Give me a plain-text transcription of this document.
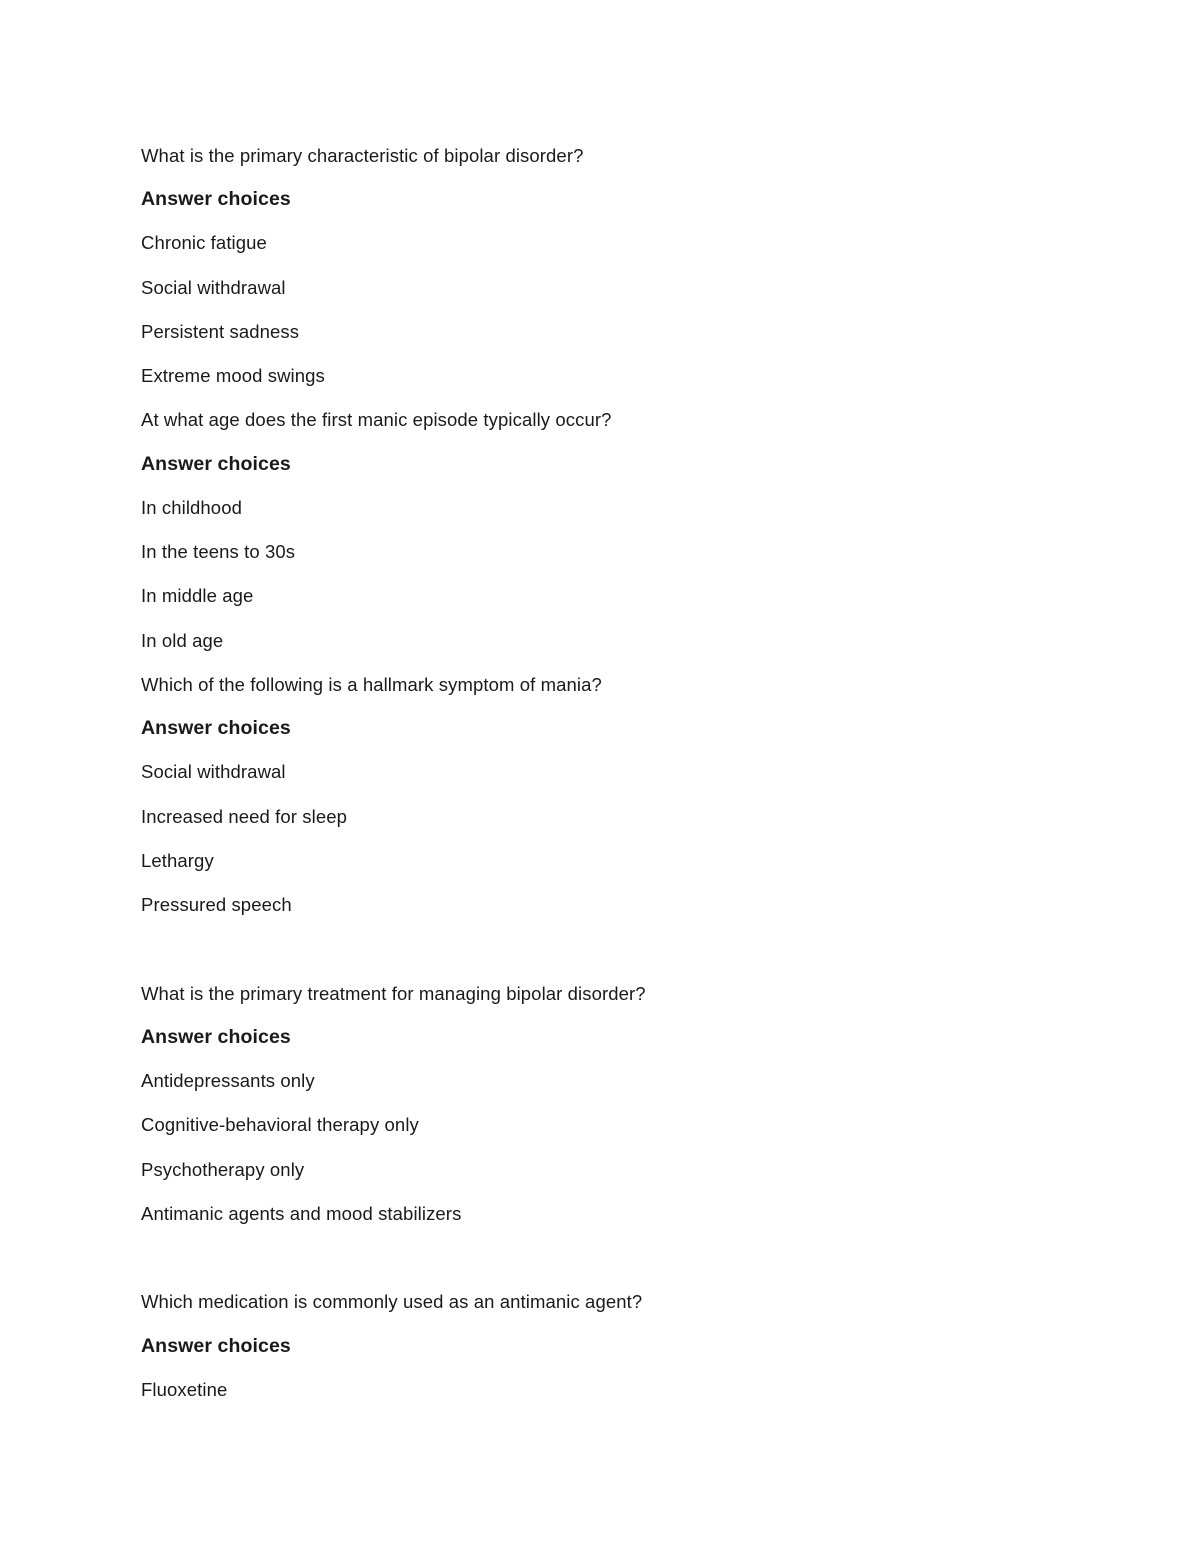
What is the primary characteristic of bipolar disorder?
Answer choices
Chronic fatigue
Social withdrawal
Persistent sadness
Extreme mood swings
At what age does the first manic episode typically occur?
Answer choices
In childhood
In the teens to 30s
In middle age
In old age
Which of the following is a hallmark symptom of mania?
Answer choices
Social withdrawal
Increased need for sleep
Lethargy
Pressured speech
What is the primary treatment for managing bipolar disorder?
Answer choices
Antidepressants only
Cognitive-behavioral therapy only
Psychotherapy only
Antimanic agents and mood stabilizers
Which medication is commonly used as an antimanic agent?
Answer choices
Fluoxetine
